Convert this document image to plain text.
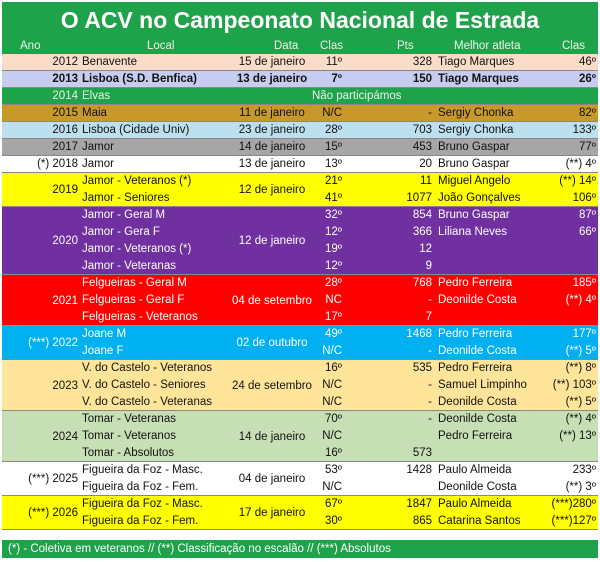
O ACV no Campeonato Nacional de Estrada
Ano	Local	Data Clas	Pts	Melhor atleta	Clas
2012 Benavente	15 de janeiro	11º	328 Tiago Marques	46º
2013 Lisboa (S.D. Benfica)	13 de janeiro	7º	150 Tiago Marques	26º
2014 Elvas	Não participámos
2015 Maia	11 de janeiro	N/C	- Sergiy Chonka	82º
2016 Lisboa (Cidade Univ)	23 de janeiro	28º	703 Sergiy Chonka	133º
2017 Jamor	14 de janeiro	15º	453 Bruno Gaspar	77º
(*) 2018 Jamor	13 de janeiro	13º	20 Bruno Gaspar	(**) 4º
2019	12 de janeiro
Jamor - Veteranos (*)	21º	11 Miguel Angelo	(**) 14º
Jamor - Seniores	41º	1077 João Gonçalves	106º
2020	12 de janeiro
Jamor - Geral M	32º	854 Bruno Gaspar	87º
Jamor - Gera F	12º	366 Liliana Neves	66º
Jamor - Veteranos (*)	19º	12
Jamor - Veteranas	12º	9
2021	04 de setembro
Felgueiras - Geral M	28º	768 Pedro Ferreira	185º
Felgueiras - Geral F	NC	- Deonilde Costa	(**) 4º
Felgueiras - Veteranos	17º	7
(***) 2022	02 de outubro
Joane M	49º	1468 Pedro Ferreira	177º
Joane F	N/C	- Deonilde Costa	(**) 5º
2023	24 de setembro
V. do Castelo - Veteranos	16º	535 Pedro Ferreira	(**) 8º
V. do Castelo - Seniores	N/C	- Samuel Limpinho	(**) 103º
V. do Castelo - Veteranas	N/C	- Deonilde Costa	(**) 5º
2024	14 de janeiro
Tomar - Veteranas	70º	- Deonilde Costa	(**) 4º
Tomar - Veteranos	N/C	Pedro Ferreira	(**) 13º
Tomar - Absolutos	16º	573
(***) 2025	04 de janeiro
Figueira da Foz - Masc.	53º	1428 Paulo Almeida	233º
Figueira da Foz - Fem.	N/C	Deonilde Costa	(**) 3º
(***) 2026	17 de janeiro
Figueira da Foz - Masc.	67º	1847 Paulo Almeida	(***)280º
Figueira da Foz - Fem.	30º	865 Catarina Santos	(***)127º
(*) - Coletiva em veteranos // (**) Classificação no escalão // (***) Absolutos
